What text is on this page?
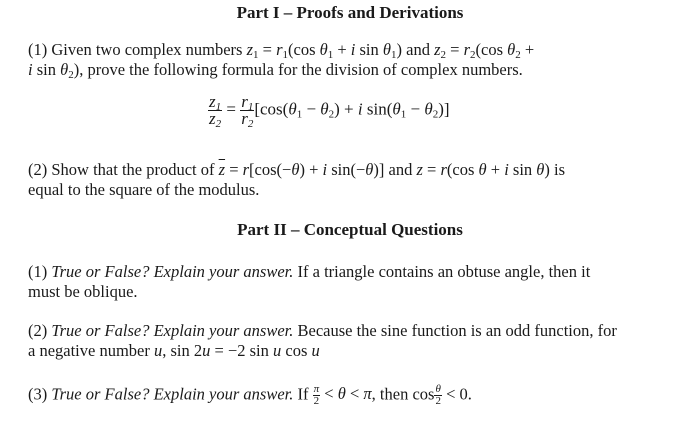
Part I – Proofs and Derivations
(1) Given two complex numbers $z_1 = r_1(\cos$ $\theta_1 + i$ $\sin \theta_1$) and $z_2 = r_2(\cos$ $\theta_2$ +
i $\sin \theta_2$), prove the following formula for the division of complex numbers.
$\frac{z_1}{z_2} = \frac{r_1}{r_2} [\cos(\theta_1 - \theta_2) + i$ $\sin(\theta_1 - \theta_2)$]
(2) Show that the product of $\overline{z} = r[\cos(-\theta) + i$ sin(−θ)] and z = r(cos θ + i sin θ) is
equal to the square of the modulus.
Part II – Conceptual Questions
(1) True or False? Explain your answer. If a triangle contains an obtuse angle, then it
must be oblique.
(2) True or False? Explain your answer. Because the sine function is an odd function, for
a negative number u, sin 2u = −2 sin u cos u
(3) True or False? Explain your answer. If $\frac{\pi}{2} < \theta < \pi$, then $\cos \frac{\theta}{2} < 0$.
